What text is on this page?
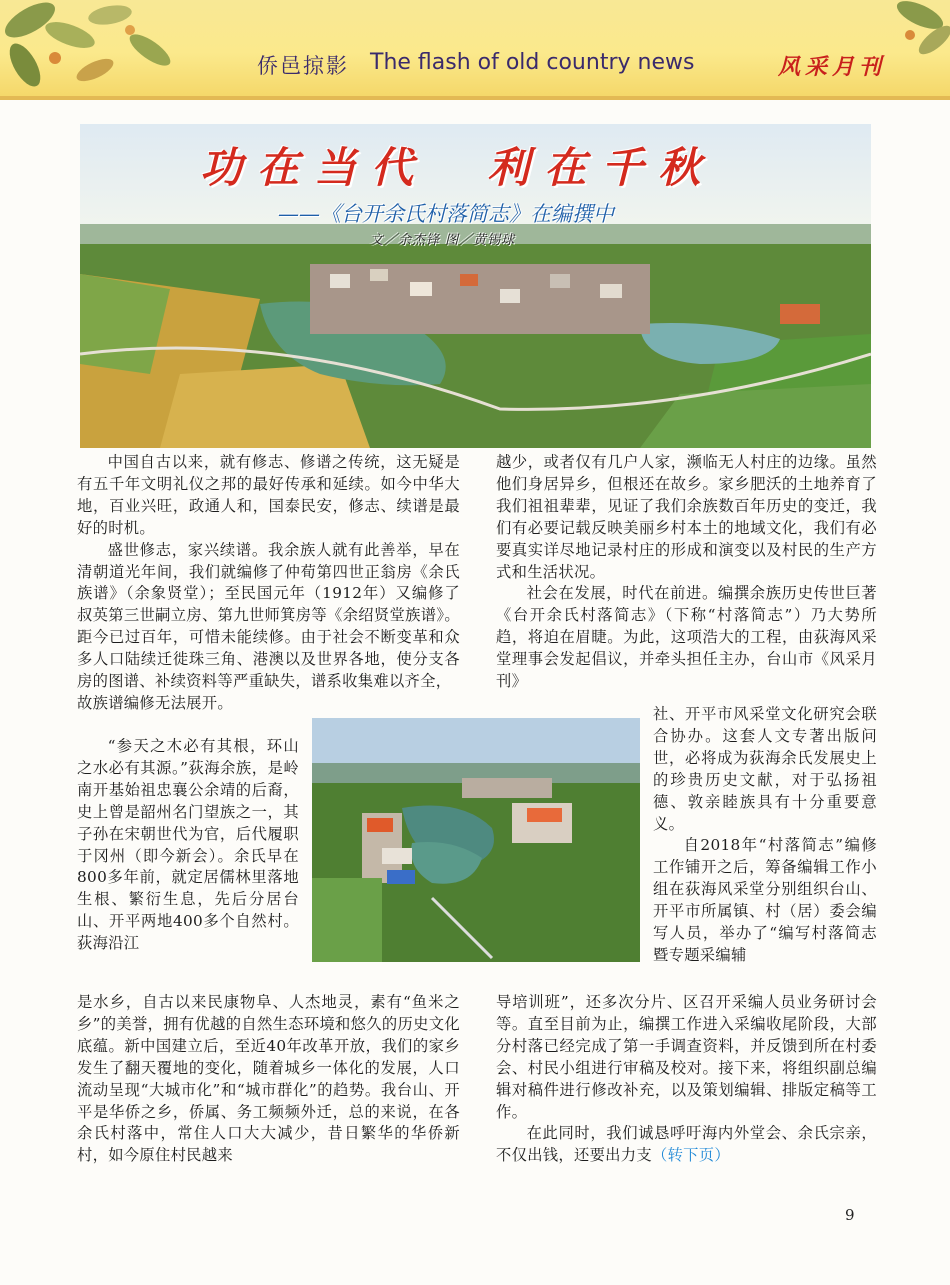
侨邑掠影 The flash of old country news	风采月刊
功在当代  利在千秋
——《台开余氏村落简志》在编撰中
文／余杰锋 图／黄锡球

中国自古以来，就有修志、修谱之传统，这无疑是有五千年文明礼仪之邦的最好传承和延续。如今中华大地，百业兴旺，政通人和，国泰民安，修志、续谱是最好的时机。

盛世修志，家兴续谱。我余族人就有此善举，早在清朝道光年间，我们就编修了仲荀第四世正翁房《余氏族谱》（余象贤堂）；至民国元年（1912年）又编修了叔英第三世嗣立房、第九世师箕房等《余绍贤堂族谱》。距今已过百年，可惜未能续修。由于社会不断变革和众多人口陆续迁徙珠三角、港澳以及世界各地，使分支各房的图谱、补续资料等严重缺失，谱系收集难以齐全，

故族谱编修无法展开。

“参天之木必有其根，环山之水必有其源。”荻海余族，是岭南开基始祖忠襄公余靖的后裔，史上曾是韶州名门望族之一，其子孙在宋朝世代为官，后代履职于冈州（即今新会）。余氏早在800多年前，就定居儒林里落地生根、繁衍生息，先后分居台山、开平两地400多个自然村。荻海沿江

是水乡，自古以来民康物阜、人杰地灵，素有“鱼米之乡”的美誉，拥有优越的自然生态环境和悠久的历史文化底蕴。新中国建立后，至近40年改革开放，我们的家乡发生了翻天覆地的变化，随着城乡一体化的发展，人口流动呈现“大城市化”和“城市群化”的趋势。我台山、开平是华侨之乡，侨属、务工频频外迁，总的来说，在各余氏村落中，常住人口大大减少，昔日繁华的华侨新村，如今原住村民越来

越少，或者仅有几户人家，濒临无人村庄的边缘。虽然他们身居异乡，但根还在故乡。家乡肥沃的土地养育了我们祖祖辈辈，见证了我们余族数百年历史的变迁，我们有必要记载反映美丽乡村本土的地域文化，我们有必要真实详尽地记录村庄的形成和演变以及村民的生产方式和生活状况。

社会在发展，时代在前进。编撰余族历史传世巨著《台开余氏村落简志》（下称“村落简志”）乃大势所趋，将迫在眉睫。为此，这项浩大的工程，由荻海风采堂理事会发起倡议，并牵头担任主办，台山市《风采月刊》

社、开平市风采堂文化研究会联合协办。这套人文专著出版问世，必将成为荻海余氏发展史上的珍贵历史文献，对于弘扬祖德、敦亲睦族具有十分重要意义。

自2018年“村落简志”编修工作铺开之后，筹备编辑工作小组在荻海风采堂分别组织台山、开平市所属镇、村（居）委会编写人员，举办了“编写村落简志暨专题采编辅

导培训班”，还多次分片、区召开采编人员业务研讨会等。直至目前为止，编撰工作进入采编收尾阶段，大部分村落已经完成了第一手调查资料，并反馈到所在村委会、村民小组进行审稿及校对。接下来，将组织副总编辑对稿件进行修改补充，以及策划编辑、排版定稿等工作。

在此同时，我们诚恳呼吁海内外堂会、余氏宗亲，不仅出钱，还要出力支（转下页）

9
